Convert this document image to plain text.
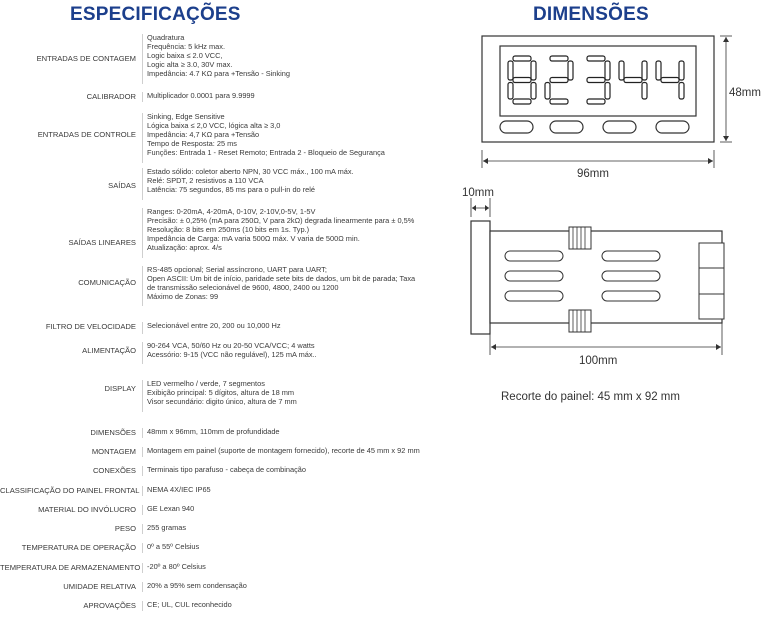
ESPECIFICAÇÕES	DIMENSÕES
ENTRADAS DE CONTAGEM
Quadratura
Frequência: 5 kHz max.
Logic baixa ≤ 2.0 VCC,
Logic alta ≥ 3.0, 30V max.
Impedância: 4.7 KΩ para +Tensão - Sinking
CALIBRADOR Multiplicador 0.0001 para 9.9999
ENTRADAS DE CONTROLE
Sinking, Edge Sensitive
Lógica baixa ≤ 2,0 VCC, lógica alta ≥ 3,0
Impedância: 4,7 KΩ para +Tensão
Tempo de Resposta: 25 ms
Funções: Entrada 1 - Reset Remoto; Entrada 2 - Bloqueio de Segurança
SAÍDAS
Estado sólido: coletor aberto NPN, 30 VCC máx., 100 mA máx.
Relé: SPDT, 2 resistivos a 110 VCA
Latência: 75 segundos, 85 ms para o pull-in do relé
SAÍDAS LINEARES
Ranges: 0-20mA, 4-20mA, 0-10V, 2-10V,0-5V, 1-5V
Precisão: ± 0,25% (mA para 250Ω, V para 2kΩ) degrada linearmente para ± 0,5%
Resolução: 8 bits em 250ms (10 bits em 1s. Typ.)
Impedância de Carga: mA varia 500Ω máx. V varia de 500Ω min.
Atualização: aprox. 4/s
COMUNICAÇÃO
RS-485 opcional; Serial assíncrono, UART para UART;
Open ASCII: Um bit de início, paridade sete bits de dados, um bit de parada; Taxa
de transmissão selecionável de 9600, 4800, 2400 ou 1200
Máximo de Zonas: 99
FILTRO DE VELOCIDADE Selecionável entre 20, 200 ou 10,000 Hz
ALIMENTAÇÃO
90-264 VCA, 50/60 Hz ou 20-50 VCA/VCC; 4 watts
Acessório: 9-15 (VCC não regulável), 125 mA máx..
DISPLAY
LED vermelho / verde, 7 segmentos
Exibição principal: 5 dígitos, altura de 18 mm
Visor secundário: digito único, altura de 7 mm
DIMENSÕES 48mm x 96mm, 110mm de profundidade
MONTAGEM Montagem em painel (suporte de montagem fornecido), recorte de 45 mm x 92 mm
CONEXÕES Terminais tipo parafuso - cabeça de combinação
CLASSIFICAÇÃO DO PAINEL FRONTAL NEMA 4X/IEC IP65
MATERIAL DO INVÓLUCRO GE Lexan 940
PESO 255 gramas
TEMPERATURA DE OPERAÇÃO 0º a 55º Celsius
TEMPERATURA DE ARMAZENAMENTO -20º a 80º Celsius
UMIDADE RELATIVA 20% a 95% sem condensação
APROVAÇÕES CE; UL, CUL reconhecido
48mm
96mm
10mm
100mm
Recorte do painel: 45 mm x 92 mm
